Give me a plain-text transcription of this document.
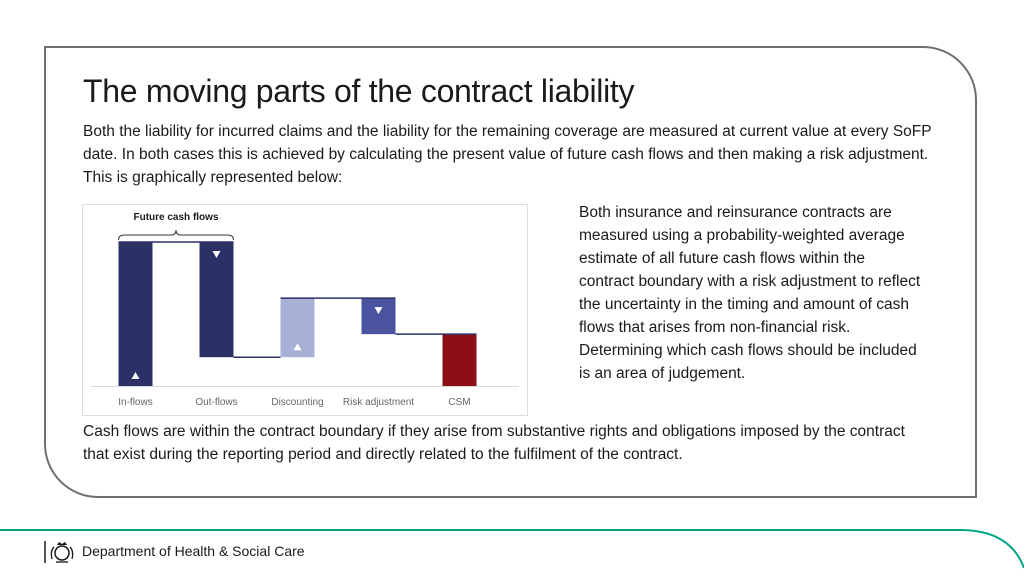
The moving parts of the contract liability
Both the liability for incurred claims and the liability for the remaining coverage are measured at current value at every SoFP date. In both cases this is achieved by calculating the present value of future cash flows and then making a risk adjustment. This is graphically represented below:
In-flows	Out-flows	Discounting Risk adjustment	CSM
Future cash flows	Both insurance and reinsurance contracts are measured using a probability-weighted average estimate of all future cash flows within the contract boundary with a risk adjustment to reflect the uncertainty in the timing and amount of cash flows that arises from non-financial risk. Determining which cash flows should be included is an area of judgement.
Cash flows are within the contract boundary if they arise from substantive rights and obligations imposed by the contract that exist during the reporting period and directly related to the fulfilment of the contract.
Department of Health & Social Care
